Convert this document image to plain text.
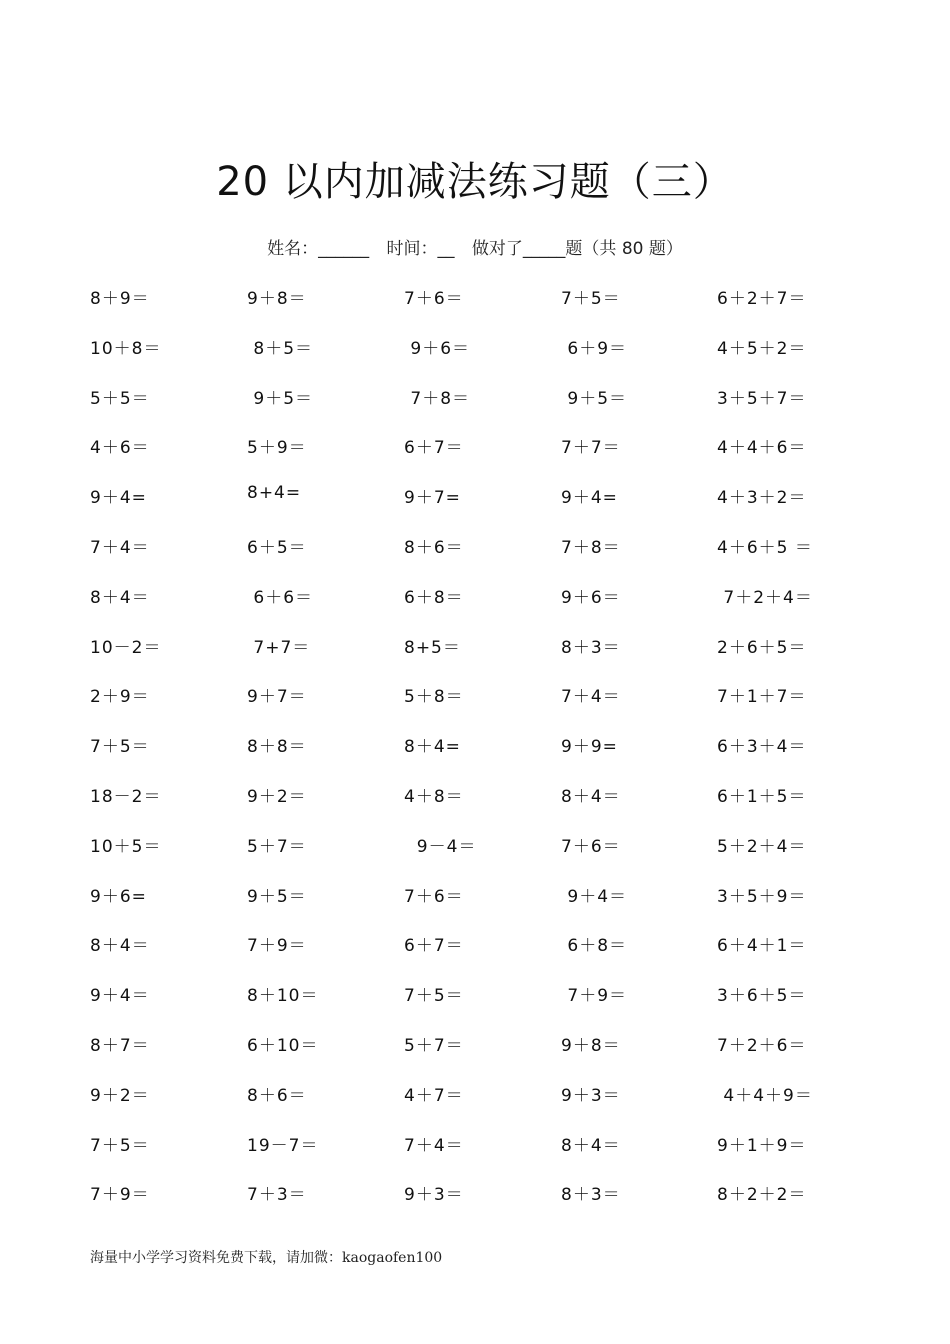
20 以内加减法练习题（三）
姓名：______ 时间：__ 做对了_____题（共 80 题）
8＋9＝	9＋8＝	7＋6＝	7＋5＝	6＋2＋7＝
10＋8＝	8＋5＝	9＋6＝	6＋9＝	4＋5＋2＝
5＋5＝	9＋5＝	7＋8＝	9＋5＝	3＋5＋7＝
4＋6＝	5＋9＝	6＋7＝	7＋7＝	4＋4＋6＝
9＋4=	8+4=	9＋7=	9＋4=	4＋3＋2＝
7＋4＝	6＋5＝	8＋6＝	7＋8＝	4＋6＋5 ＝
8＋4＝	6＋6＝	6＋8＝	9＋6＝	7＋2＋4＝
10－2＝	7+7＝	8+5＝	8＋3＝	2＋6＋5＝
2＋9＝	9＋7＝	5＋8＝	7＋4＝	7＋1＋7＝
7＋5＝	8＋8＝	8＋4=	9＋9=	6＋3＋4＝
18－2＝	9＋2＝	4＋8＝	8＋4＝	6＋1＋5＝
10＋5＝	5＋7＝	9－4＝	7＋6＝	5＋2＋4＝
9＋6=	9＋5＝	7＋6＝	9＋4＝	3＋5＋9＝
8＋4＝	7＋9＝	6＋7＝	6＋8＝	6＋4＋1＝
9＋4＝	8＋10＝	7＋5＝	7＋9＝	3＋6＋5＝
8＋7＝	6＋10＝	5＋7＝	9＋8＝	7＋2＋6＝
9＋2＝	8＋6＝	4＋7＝	9＋3＝	4＋4＋9＝
7＋5＝	19－7＝	7＋4＝	8＋4＝	9＋1＋9＝
7＋9＝	7＋3＝	9＋3＝	8＋3＝	8＋2＋2＝
海量中小学学习资料免费下载，请加微：kaogaofen100
